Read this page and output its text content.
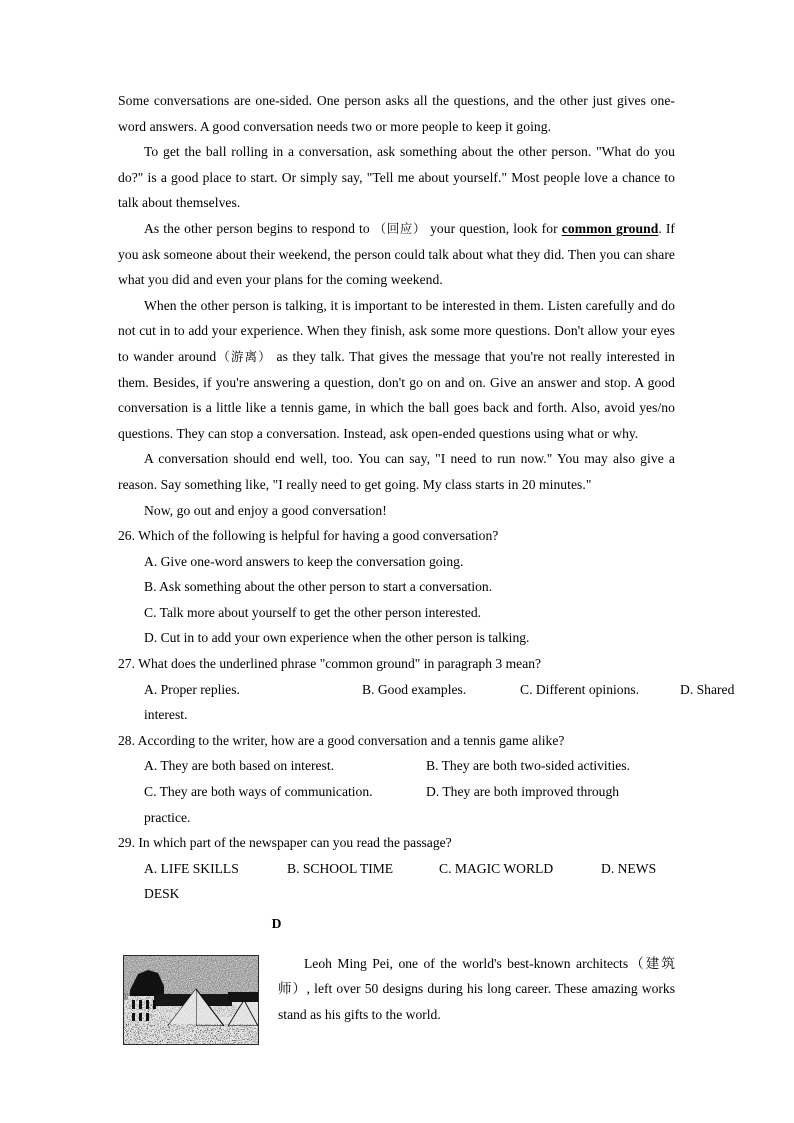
Some conversations are one-sided. One person asks all the questions, and the other just gives one-word answers. A good conversation needs two or more people to keep it going.

To get the ball rolling in a conversation, ask something about the other person. "What do you do?" is a good place to start. Or simply say, "Tell me about yourself." Most people love a chance to talk about themselves.

As the other person begins to respond to （回应） your question, look for common ground. If you ask someone about their weekend, the person could talk about what they did. Then you can share what you did and even your plans for the coming weekend.

When the other person is talking, it is important to be interested in them. Listen carefully and do not cut in to add your experience. When they finish, ask some more questions. Don't allow your eyes to wander around（游离） as they talk. That gives the message that you're not really interested in them. Besides, if you're answering a question, don't go on and on. Give an answer and stop. A good conversation is a little like a tennis game, in which the ball goes back and forth. Also, avoid yes/no questions. They can stop a conversation. Instead, ask open-ended questions using what or why.

A conversation should end well, too. You can say, "I need to run now." You may also give a reason. Say something like, "I really need to get going. My class starts in 20 minutes."

Now, go out and enjoy a good conversation!

26. Which of the following is helpful for having a good conversation?

A. Give one-word answers to keep the conversation going.

B. Ask something about the other person to start a conversation.

C. Talk more about yourself to get the other person interested.

D. Cut in to add your own experience when the other person is talking.

27. What does the underlined phrase "common ground" in paragraph 3 mean?

A. Proper replies.	B. Good examples.	C. Different opinions.	D. Shared

interest.

28. According to the writer, how are a good conversation and a tennis game alike?

A. They are both based on interest.	B. They are both two-sided activities.

C. They are both ways of communication.	D. They are both improved through

practice.

29. In which part of the newspaper can you read the passage?

A. LIFE SKILLS	B. SCHOOL TIME	C. MAGIC WORLD	D. NEWS

DESK

D

Leoh Ming Pei, one of the world's best-known architects（建筑师）, left over 50 designs during his long career. These amazing works stand as his gifts to the world.
